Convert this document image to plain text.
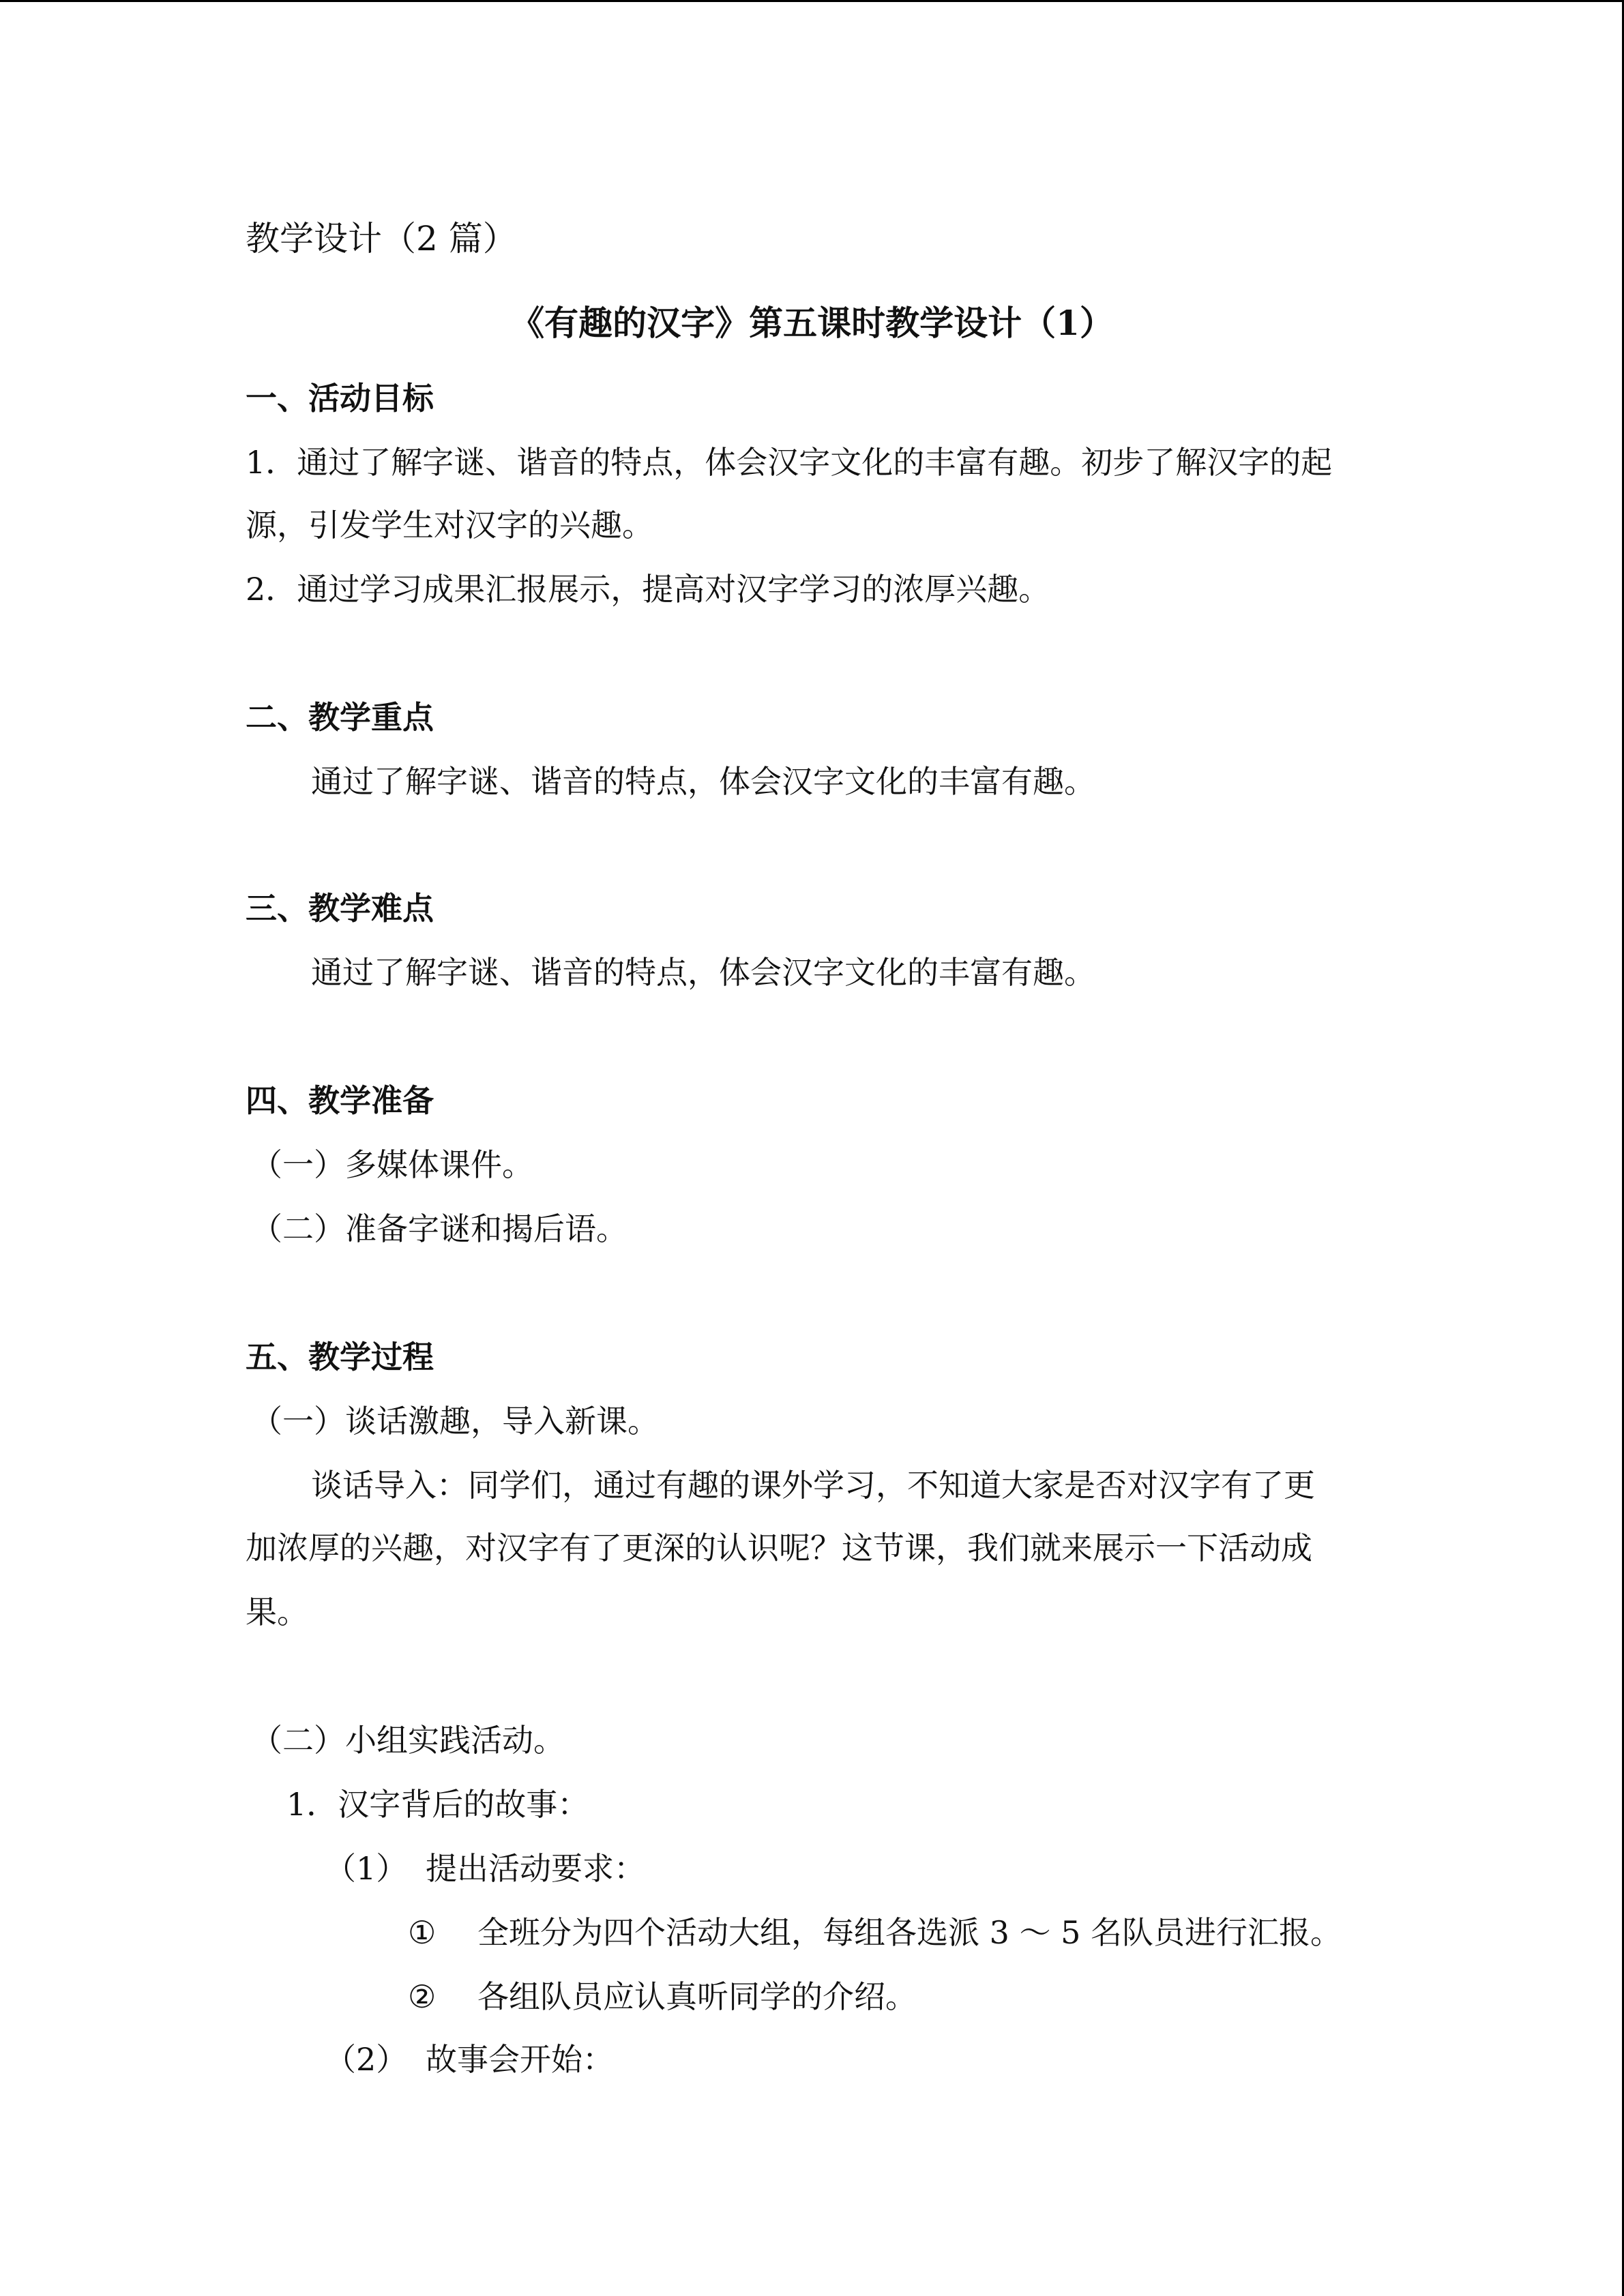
教学设计（2 篇）

《有趣的汉字》第五课时教学设计（1）

一、活动目标

1．通过了解字谜、谐音的特点，体会汉字文化的丰富有趣。初步了解汉字的起

源，引发学生对汉字的兴趣。

2．通过学习成果汇报展示，提高对汉字学习的浓厚兴趣。

二、教学重点

通过了解字谜、谐音的特点，体会汉字文化的丰富有趣。

三、教学难点

通过了解字谜、谐音的特点，体会汉字文化的丰富有趣。

四、教学准备

（一）多媒体课件。

（二）准备字谜和揭后语。

五、教学过程

（一）谈话激趣，导入新课。

谈话导入：同学们，通过有趣的课外学习，不知道大家是否对汉字有了更

加浓厚的兴趣，对汉字有了更深的认识呢？这节课，我们就来展示一下活动成

果。

（二）小组实践活动。

1．汉字背后的故事：

（1） 提出活动要求：

① 全班分为四个活动大组，每组各选派 3 ～ 5 名队员进行汇报。

② 各组队员应认真听同学的介绍。

（2） 故事会开始：
